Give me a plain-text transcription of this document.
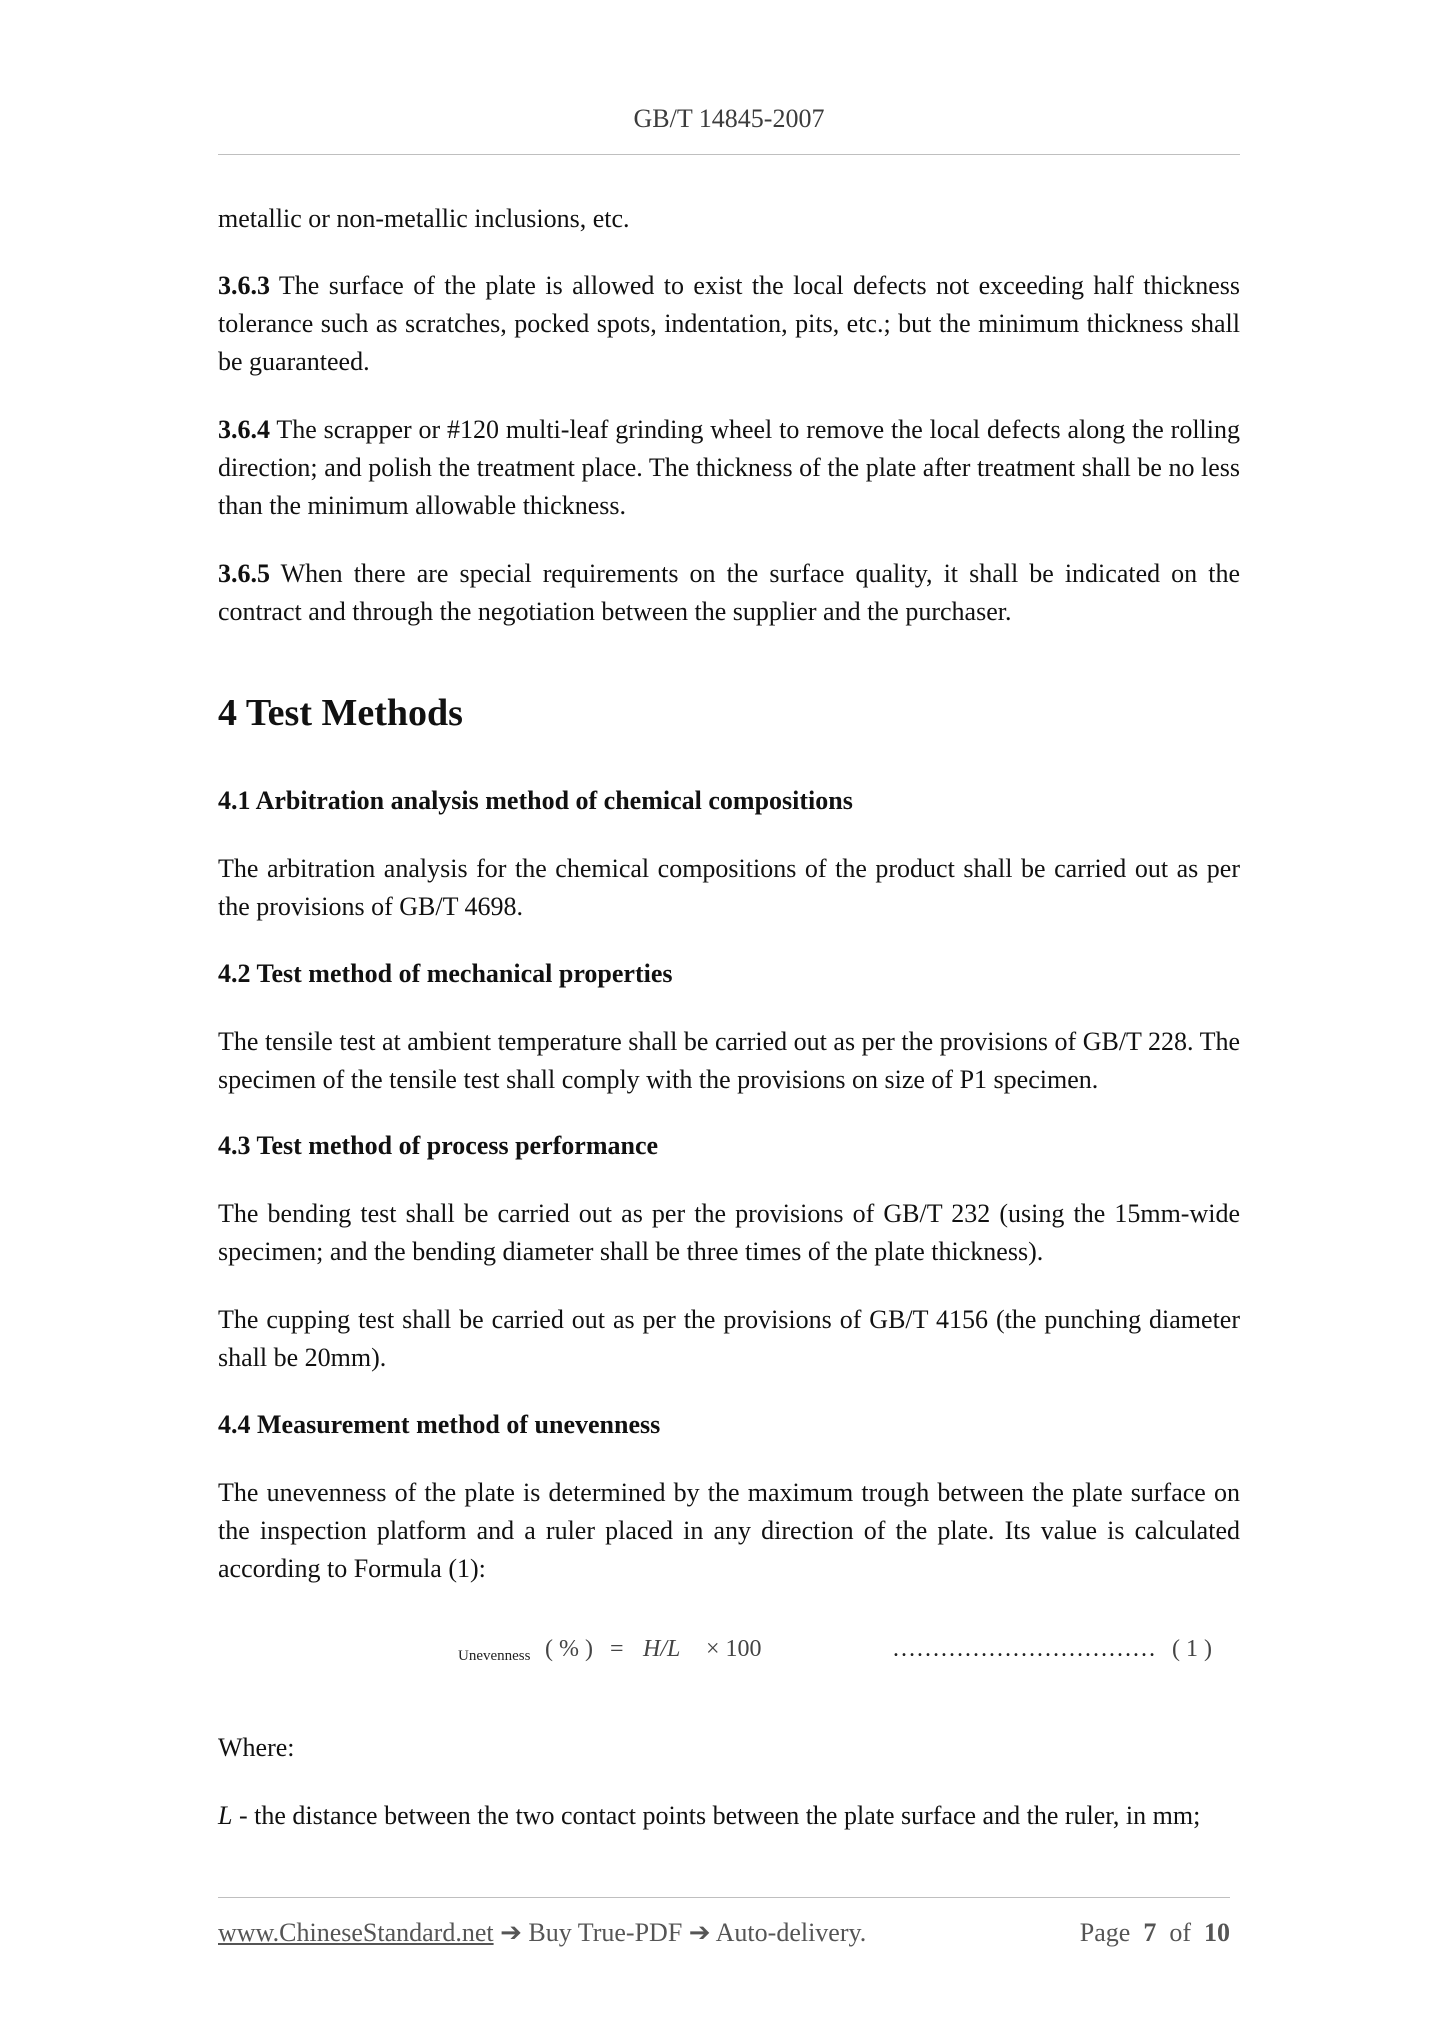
GB/T 14845-2007

metallic or non-metallic inclusions, etc.

3.6.3 The surface of the plate is allowed to exist the local defects not exceeding half thickness tolerance such as scratches, pocked spots, indentation, pits, etc.; but the minimum thickness shall be guaranteed.

3.6.4 The scrapper or #120 multi-leaf grinding wheel to remove the local defects along the rolling direction; and polish the treatment place. The thickness of the plate after treatment shall be no less than the minimum allowable thickness.

3.6.5 When there are special requirements on the surface quality, it shall be indicated on the contract and through the negotiation between the supplier and the purchaser.

4 Test Methods
4.1 Arbitration analysis method of chemical compositions

The arbitration analysis for the chemical compositions of the product shall be carried out as per the provisions of GB/T 4698.

4.2 Test method of mechanical properties

The tensile test at ambient temperature shall be carried out as per the provisions of GB/T 228. The specimen of the tensile test shall comply with the provisions on size of P1 specimen.

4.3 Test method of process performance

The bending test shall be carried out as per the provisions of GB/T 232 (using the 15mm-wide specimen; and the bending diameter shall be three times of the plate thickness).

The cupping test shall be carried out as per the provisions of GB/T 4156 (the punching diameter shall be 20mm).

4.4 Measurement method of unevenness

The unevenness of the plate is determined by the maximum trough between the plate surface on the inspection platform and a ruler placed in any direction of the plate. Its value is calculated according to Formula (1):

Unevenness ( % ) = H/L × 100	…………………………… ( 1 )

Where:

L - the distance between the two contact points between the plate surface and the ruler, in mm;

www.ChineseStandard.net ➔ Buy True-PDF ➔ Auto-delivery.	Page 7 of 10
